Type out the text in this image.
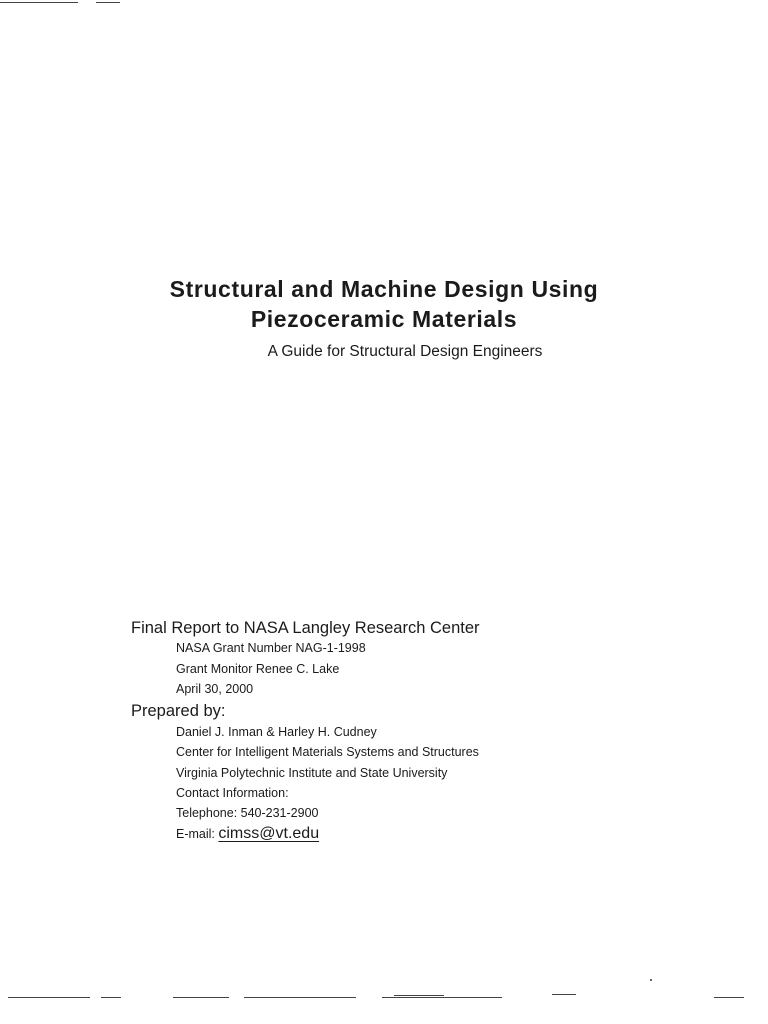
Structural and Machine Design Using
Piezoceramic Materials
A Guide for Structural Design Engineers
Final Report to NASA Langley Research Center
NASA Grant Number NAG-1-1998
Grant Monitor Renee C. Lake
April 30, 2000
Prepared by:
Daniel J. Inman & Harley H. Cudney
Center for Intelligent Materials Systems and Structures
Virginia Polytechnic Institute and State University
Contact Information:
Telephone: 540-231-2900
E-mail: cimss@vt.edu
